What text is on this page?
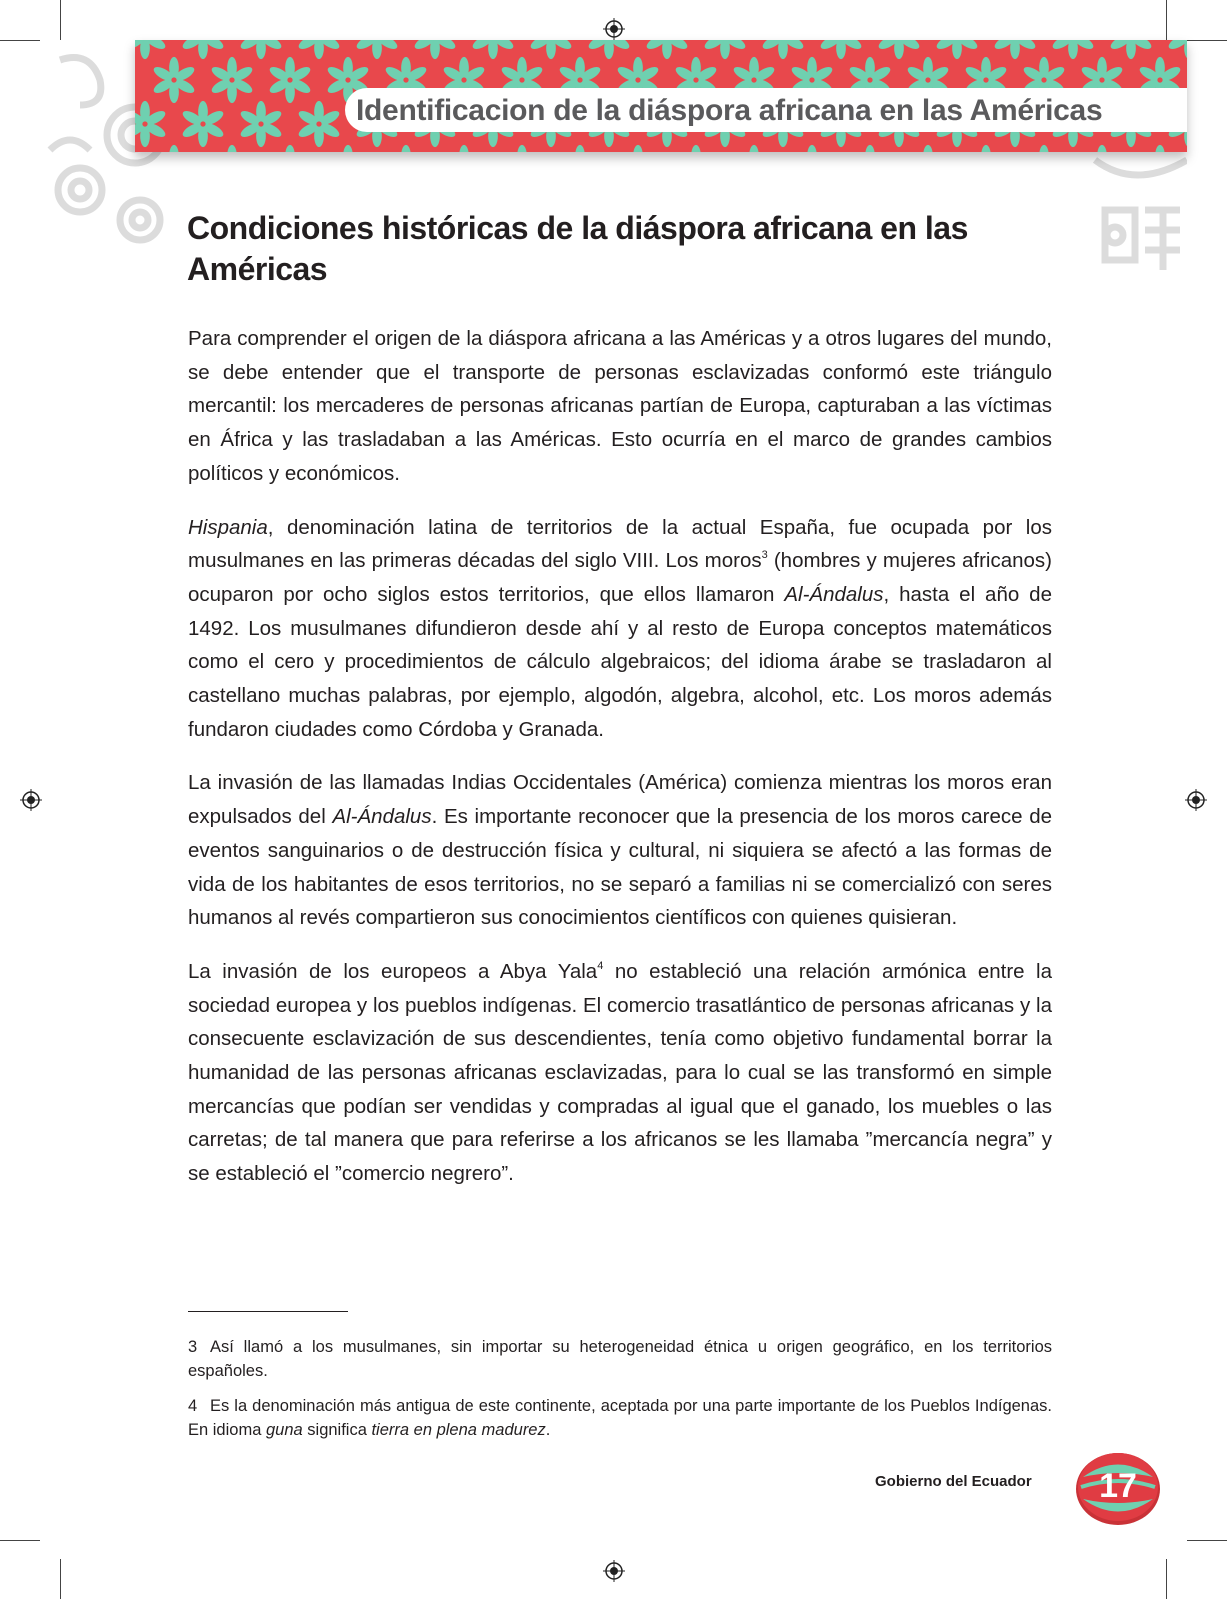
Identificacion de la diáspora africana en las Américas
Condiciones históricas de la diáspora africana en las Américas

Para comprender el origen de la diáspora africana a las Américas y a otros lugares del mundo, se debe entender que el transporte de personas esclavizadas conformó este triángulo mercantil: los mercaderes de personas africanas partían de Europa, capturaban a las víctimas en África y las trasladaban a las Américas. Esto ocurría en el marco de grandes cambios políticos y económicos.

Hispania, denominación latina de territorios de la actual España, fue ocupada por los musulmanes en las primeras décadas del siglo VIII. Los moros$^3$ (hombres y mujeres africanos) ocuparon por ocho siglos estos territorios, que ellos llamaron Al-Ándalus, hasta el año de 1492. Los musulmanes difundieron desde ahí y al resto de Europa conceptos matemáticos como el cero y procedimientos de cálculo algebraicos; del idioma árabe se trasladaron al castellano muchas palabras, por ejemplo, algodón, algebra, alcohol, etc. Los moros además fundaron ciudades como Córdoba y Granada.

La invasión de las llamadas Indias Occidentales (América) comienza mientras los moros eran expulsados del Al-Ándalus. Es importante reconocer que la presencia de los moros carece de eventos sanguinarios o de destrucción física y cultural, ni siquiera se afectó a las formas de vida de los habitantes de esos territorios, no se separó a familias ni se comercializó con seres humanos al revés compartieron sus conocimientos científicos con quienes quisieran.

La invasión de los europeos a Abya Yala$^4$ no estableció una relación armónica entre la sociedad europea y los pueblos indígenas. El comercio trasatlántico de personas africanas y la consecuente esclavización de sus descendientes, tenía como objetivo fundamental borrar la humanidad de las personas africanas esclavizadas, para lo cual se las transformó en simple mercancías que podían ser vendidas y compradas al igual que el ganado, los muebles o las carretas; de tal manera que para referirse a los africanos se les llamaba ”mercancía negra” y se estableció el ”comercio negrero”.

3 Así llamó a los musulmanes, sin importar su heterogeneidad étnica u origen geográfico, en los territorios españoles.

4 Es la denominación más antigua de este continente, aceptada por una parte importante de los Pueblos Indígenas. En idioma guna significa tierra en plena madurez.

Gobierno del Ecuador	17
